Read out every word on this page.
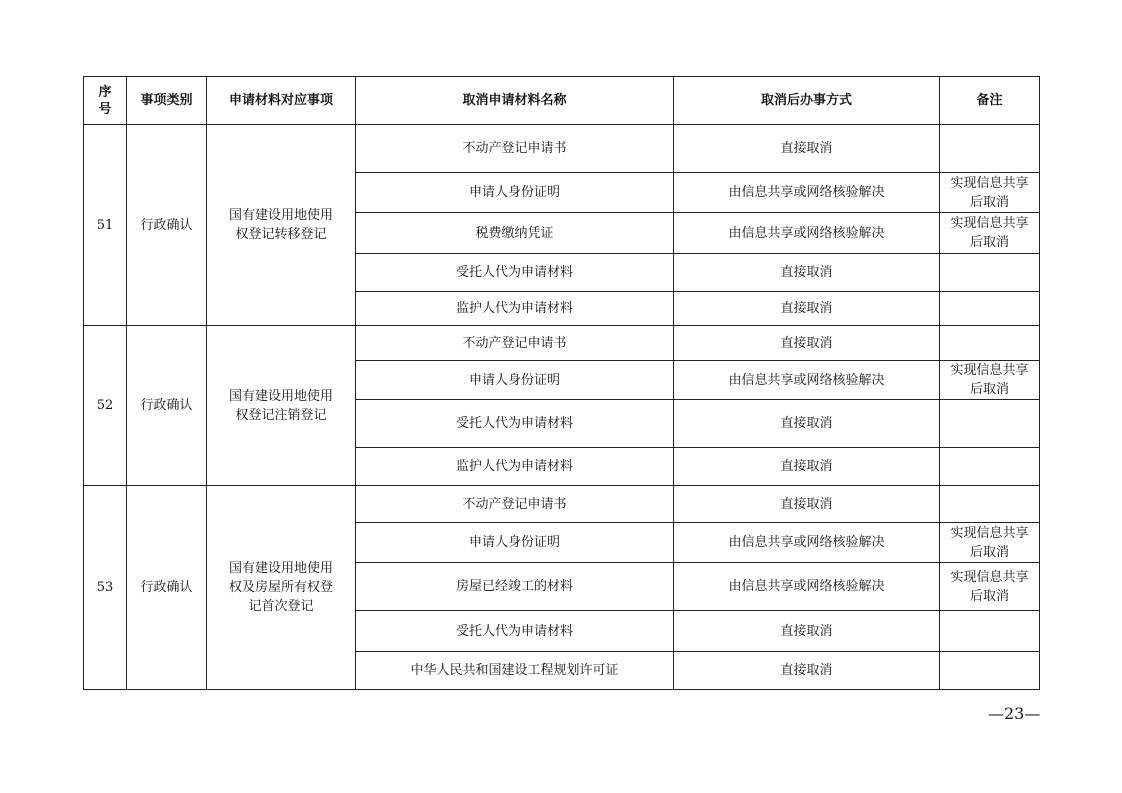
序号	事项类别	申请材料对应事项	取消申请材料名称	取消后办事方式	备注
51	行政确认	国有建设用地使用权登记转移登记	不动产登记申请书	直接取消	
			申请人身份证明	由信息共享或网络核验解决	实现信息共享后取消
			税费缴纳凭证	由信息共享或网络核验解决	实现信息共享后取消
			受托人代为申请材料	直接取消	
			监护人代为申请材料	直接取消	
52	行政确认	国有建设用地使用权登记注销登记	不动产登记申请书	直接取消	
			申请人身份证明	由信息共享或网络核验解决	实现信息共享后取消
			受托人代为申请材料	直接取消	
			监护人代为申请材料	直接取消	
53	行政确认	国有建设用地使用权及房屋所有权登记首次登记	不动产登记申请书	直接取消	
			申请人身份证明	由信息共享或网络核验解决	实现信息共享后取消
			房屋已经竣工的材料	由信息共享或网络核验解决	实现信息共享后取消
			受托人代为申请材料	直接取消	
			中华人民共和国建设工程规划许可证	直接取消	
—23—
